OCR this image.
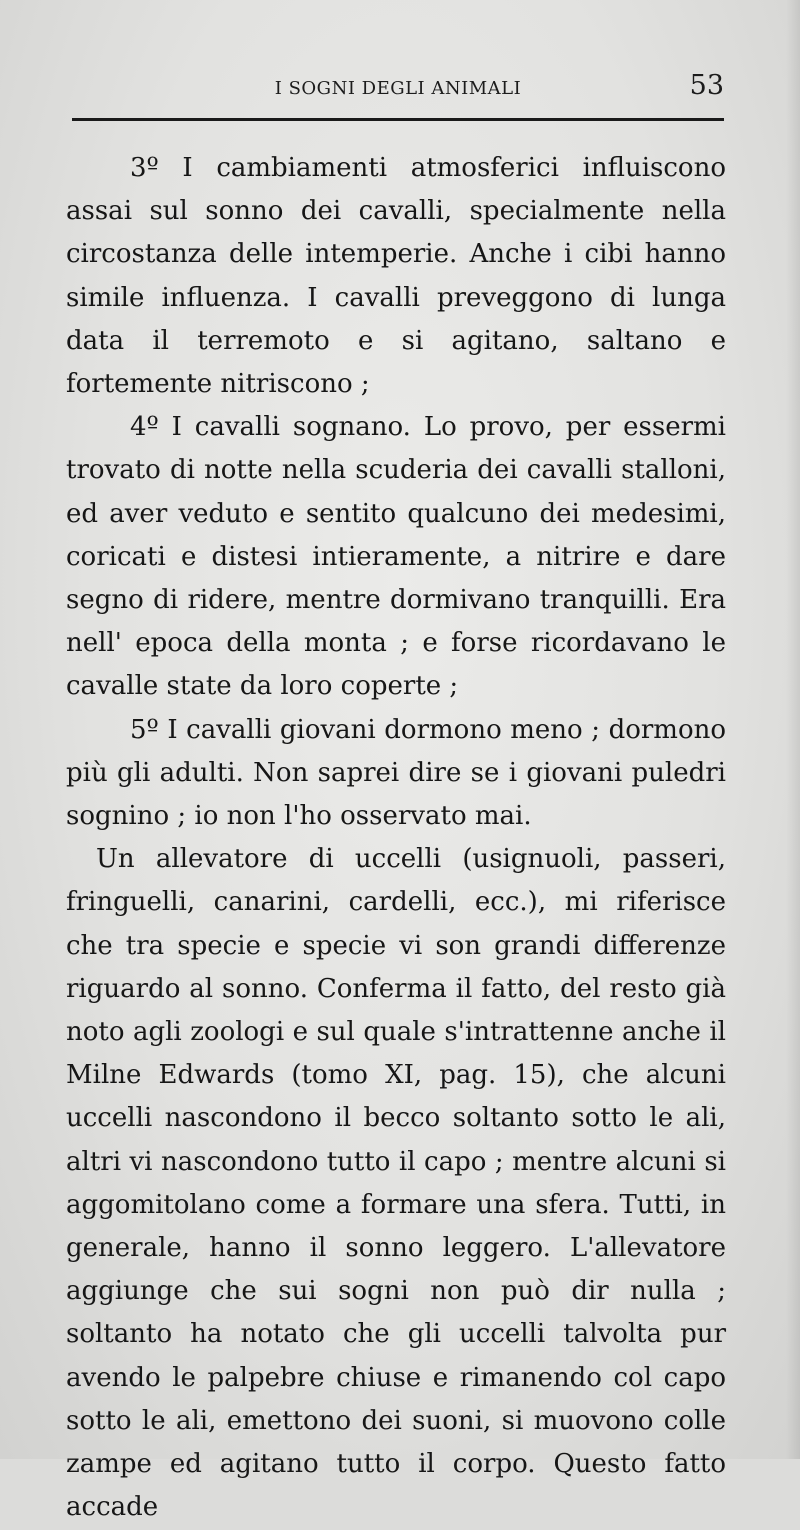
I SOGNI DEGLI ANIMALI	53

3º I cambiamenti atmosferici influiscono assai sul sonno dei cavalli, specialmente nella circostanza delle intemperie. Anche i cibi hanno simile influenza. I cavalli preveggono di lunga data il terremoto e si agitano, saltano e fortemente nitriscono ;

4º I cavalli sognano. Lo provo, per essermi trovato di notte nella scuderia dei cavalli stalloni, ed aver veduto e sentito qualcuno dei medesimi, coricati e distesi intieramente, a nitrire e dare segno di ridere, mentre dormivano tranquilli. Era nell' epoca della monta ; e forse ricordavano le cavalle state da loro coperte ;

5º I cavalli giovani dormono meno ; dormono più gli adulti. Non saprei dire se i giovani puledri sognino ; io non l'ho osservato mai.

Un allevatore di uccelli (usignuoli, passeri, fringuelli, canarini, cardelli, ecc.), mi riferisce che tra specie e specie vi son grandi differenze riguardo al sonno. Conferma il fatto, del resto già noto agli zoologi e sul quale s'intrattenne anche il Milne Edwards (tomo XI, pag. 15), che alcuni uccelli nascondono il becco soltanto sotto le ali, altri vi nascondono tutto il capo ; mentre alcuni si aggomitolano come a formare una sfera. Tutti, in generale, hanno il sonno leggero. L'allevatore aggiunge che sui sogni non può dir nulla ; soltanto ha notato che gli uccelli talvolta pur avendo le palpebre chiuse e rimanendo col capo sotto le ali, emettono dei suoni, si muovono colle zampe ed agitano tutto il corpo. Questo fatto accade
